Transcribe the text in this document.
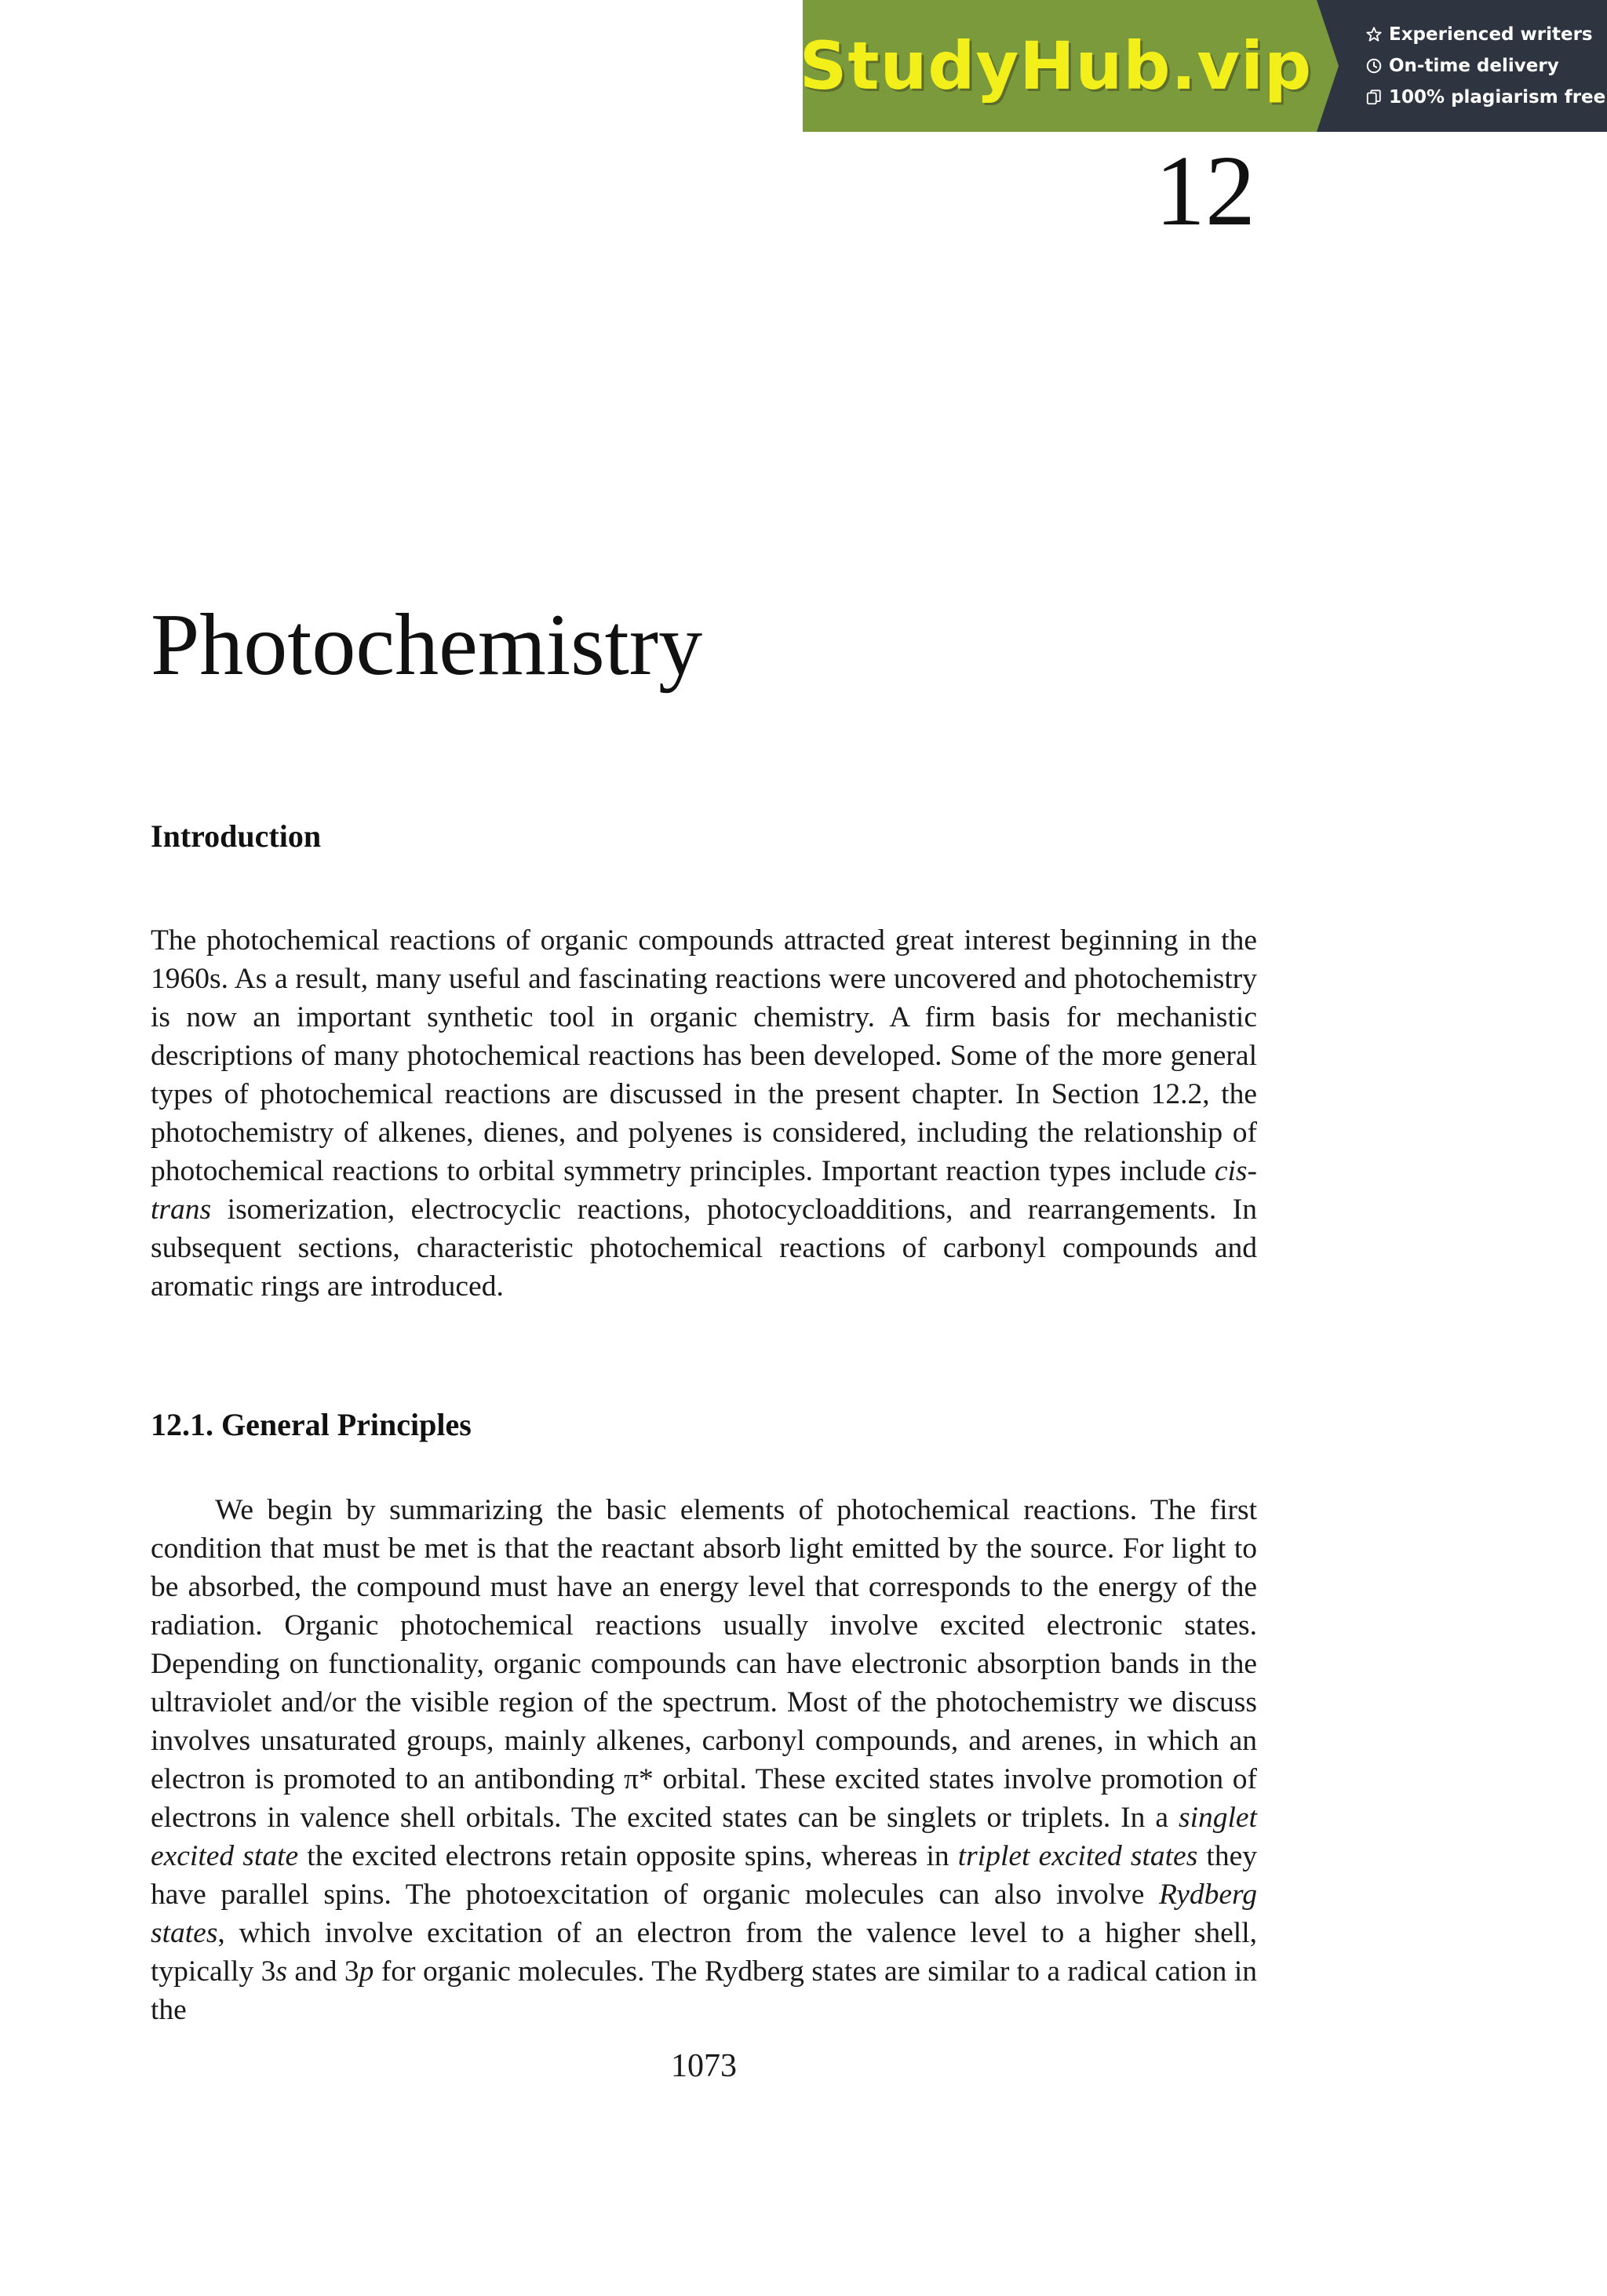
StudyHub.vip	Experienced writers
On-time delivery
100% plagiarism free
12
Photochemistry
Introduction

The photochemical reactions of organic compounds attracted great interest beginning in the 1960s. As a result, many useful and fascinating reactions were uncovered and photochemistry is now an important synthetic tool in organic chemistry. A firm basis for mechanistic descriptions of many photochemical reactions has been developed. Some of the more general types of photochemical reactions are discussed in the present chapter. In Section 12.2, the photochemistry of alkenes, dienes, and polyenes is considered, including the relationship of photochemical reactions to orbital symmetry principles. Important reaction types include cis-trans isomerization, electrocyclic reactions, photocycloadditions, and rearrangements. In subsequent sections, characteristic photochemical reactions of carbonyl compounds and aromatic rings are introduced.

12.1. General Principles

We begin by summarizing the basic elements of photochemical reactions. The first condition that must be met is that the reactant absorb light emitted by the source. For light to be absorbed, the compound must have an energy level that corresponds to the energy of the radiation. Organic photochemical reactions usually involve excited electronic states. Depending on functionality, organic compounds can have electronic absorption bands in the ultraviolet and/or the visible region of the spectrum. Most of the photochemistry we discuss involves unsaturated groups, mainly alkenes, carbonyl compounds, and arenes, in which an electron is promoted to an antibonding π* orbital. These excited states involve promotion of electrons in valence shell orbitals. The excited states can be singlets or triplets. In a singlet excited state the excited electrons retain opposite spins, whereas in triplet excited states they have parallel spins. The photoexcitation of organic molecules can also involve Rydberg states, which involve excitation of an electron from the valence level to a higher shell, typically 3s and 3p for organic molecules. The Rydberg states are similar to a radical cation in the

1073
